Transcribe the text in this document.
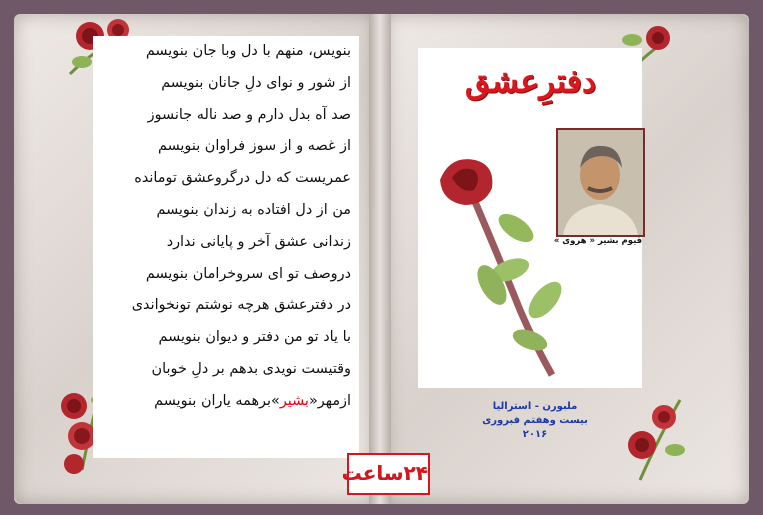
بنویس، منهم با دل وبا جان بنویسم
از شور و نوای دلِ جانان بنویسم
صد آه بدل دارم و صد ناله جانسوز
از غصه و از سوز فراوان بنویسم
عمریست که دل درگروعشق تومانده
من از دل افتاده به زندان بنویسم
زندانی عشق آخر و پایانی ندارد
دروصف تو ای سروخرامان بنویسم
در دفترعشق هرچه نوشتم تونخواندی
با یاد تو من دفتر و دیوان بنویسم
وقتیست نویدی بدهم بر دلِ خوبان
ازمهر«بشیر»برهمه یاران بنویسم
دفترِعشق
قیوم بشیر « هروی »
ملبورن - استرالیا
بیست وهفتم فبروری ۲۰۱۶
۲۴ساعت
